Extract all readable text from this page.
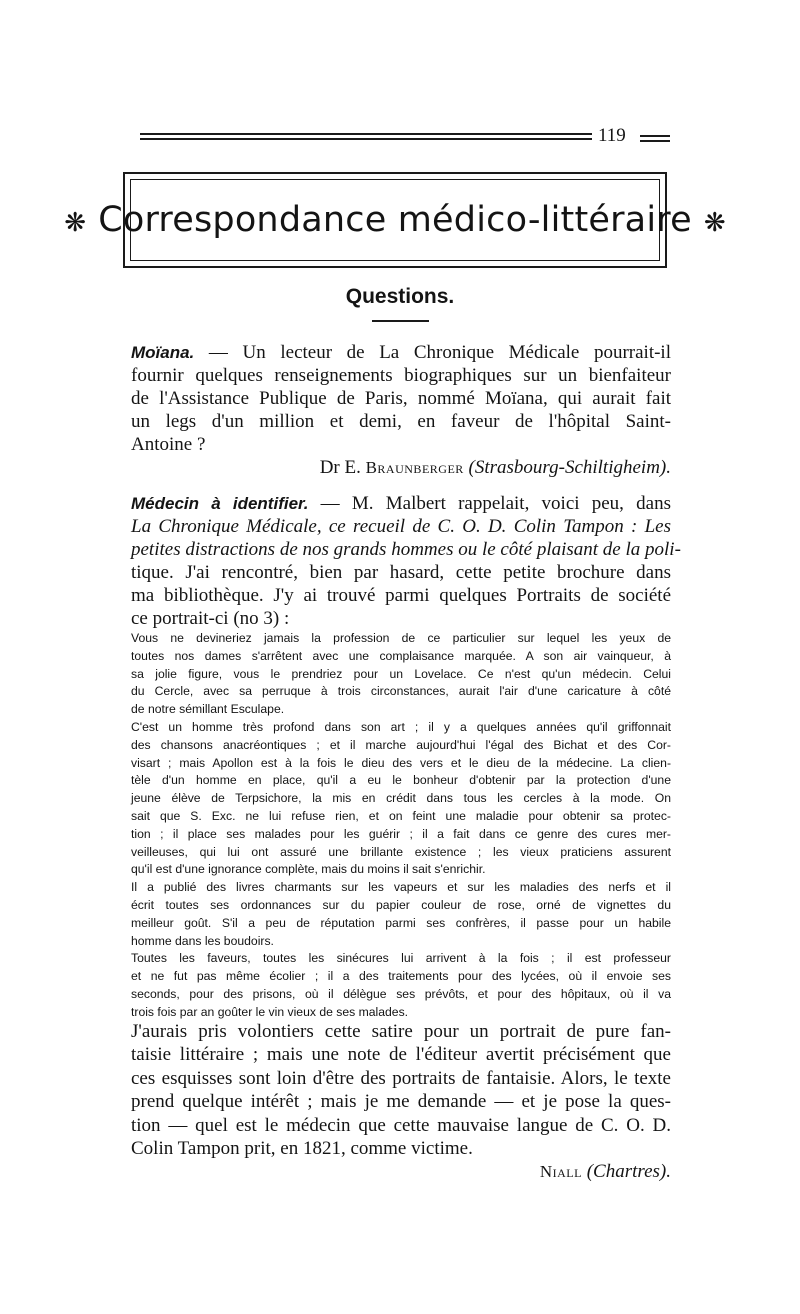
119
❋ Correspondance médico-littéraire ❋
Questions.
Moïana. — Un lecteur de La Chronique Médicale pourrait-il
fournir quelques renseignements biographiques sur un bienfaiteur
de l'Assistance Publique de Paris, nommé Moïana, qui aurait fait
un legs d'un million et demi, en faveur de l'hôpital Saint-
Antoine ?
Dr E. Braunberger (Strasbourg-Schiltigheim).
Médecin à identifier. — M. Malbert rappelait, voici peu, dans
La Chronique Médicale, ce recueil de C. O. D. Colin Tampon : Les
petites distractions de nos grands hommes ou le côté plaisant de la poli-
tique. J'ai rencontré, bien par hasard, cette petite brochure dans
ma bibliothèque. J'y ai trouvé parmi quelques Portraits de société
ce portrait-ci (no 3) :
Vous ne devineriez jamais la profession de ce particulier sur lequel les yeux de
toutes nos dames s'arrêtent avec une complaisance marquée. A son air vainqueur, à
sa jolie figure, vous le prendriez pour un Lovelace. Ce n'est qu'un médecin. Celui
du Cercle, avec sa perruque à trois circonstances, aurait l'air d'une caricature à côté
de notre sémillant Esculape.
C'est un homme très profond dans son art ; il y a quelques années qu'il griffonnait
des chansons anacréontiques ; et il marche aujourd'hui l'égal des Bichat et des Cor-
visart ; mais Apollon est à la fois le dieu des vers et le dieu de la médecine. La clien-
tèle d'un homme en place, qu'il a eu le bonheur d'obtenir par la protection d'une
jeune élève de Terpsichore, la mis en crédit dans tous les cercles à la mode. On
sait que S. Exc. ne lui refuse rien, et on feint une maladie pour obtenir sa protec-
tion ; il place ses malades pour les guérir ; il a fait dans ce genre des cures mer-
veilleuses, qui lui ont assuré une brillante existence ; les vieux praticiens assurent
qu'il est d'une ignorance complète, mais du moins il sait s'enrichir.
Il a publié des livres charmants sur les vapeurs et sur les maladies des nerfs et il
écrit toutes ses ordonnances sur du papier couleur de rose, orné de vignettes du
meilleur goût. S'il a peu de réputation parmi ses confrères, il passe pour un habile
homme dans les boudoirs.
Toutes les faveurs, toutes les sinécures lui arrivent à la fois ; il est professeur
et ne fut pas même écolier ; il a des traitements pour des lycées, où il envoie ses
seconds, pour des prisons, où il délègue ses prévôts, et pour des hôpitaux, où il va
trois fois par an goûter le vin vieux de ses malades.
J'aurais pris volontiers cette satire pour un portrait de pure fan-
taisie littéraire ; mais une note de l'éditeur avertit précisément que
ces esquisses sont loin d'être des portraits de fantaisie. Alors, le texte
prend quelque intérêt ; mais je me demande — et je pose la ques-
tion — quel est le médecin que cette mauvaise langue de C. O. D.
Colin Tampon prit, en 1821, comme victime.
Niall (Chartres).
